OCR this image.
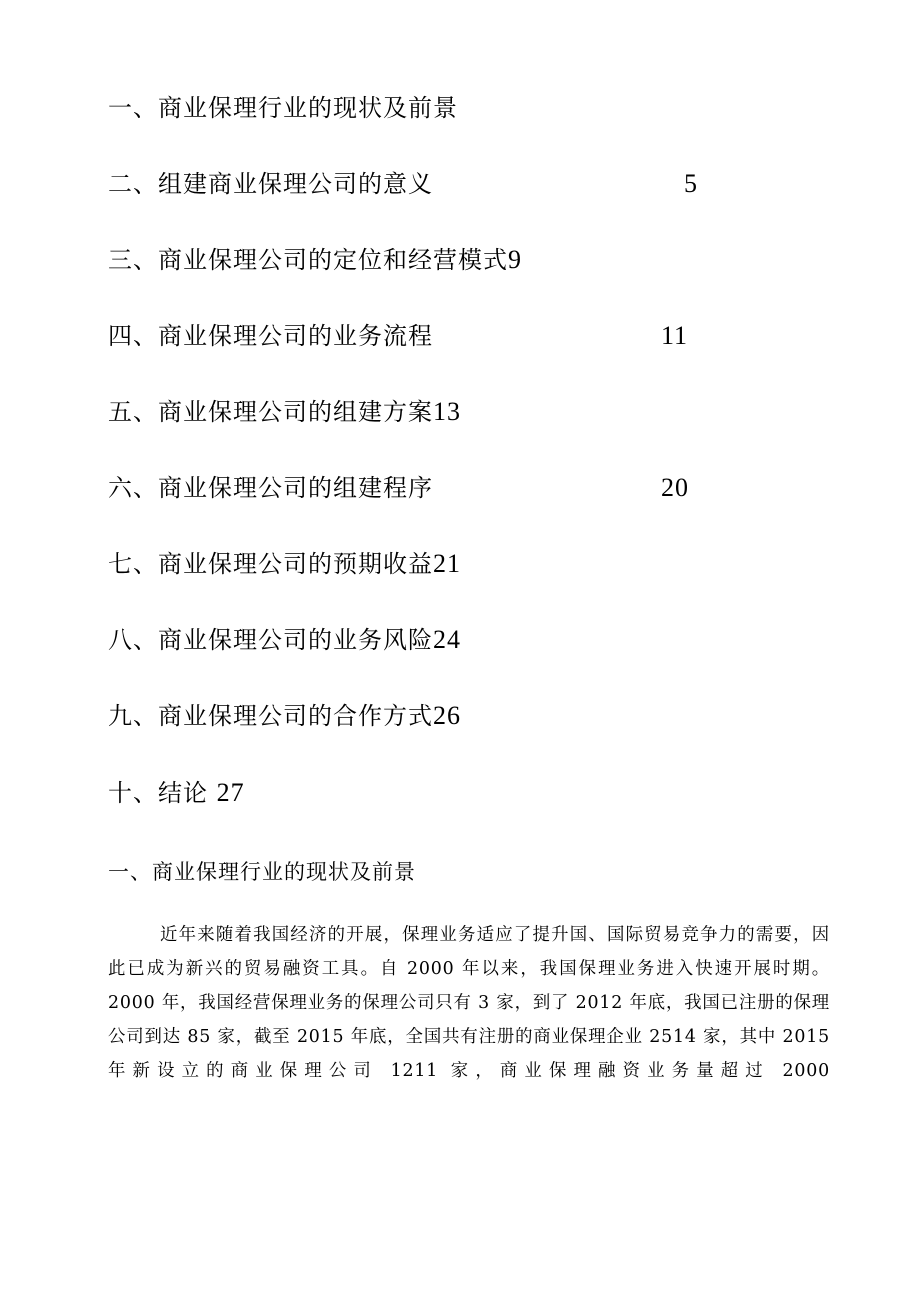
一、商业保理行业的现状及前景
二、组建商业保理公司的意义	5
三、商业保理公司的定位和经营模式9
四、商业保理公司的业务流程	11
五、商业保理公司的组建方案13
六、商业保理公司的组建程序	20
七、商业保理公司的预期收益21
八、商业保理公司的业务风险24
九、商业保理公司的合作方式26
十、结论 27
一、商业保理行业的现状及前景
近年来随着我国经济的开展，保理业务适应了提升国、国际贸易竞争力的需要，因此已成为新兴的贸易融资工具。自 2000 年以来，我国保理业务进入快速开展时期。2000 年，我国经营保理业务的保理公司只有 3 家，到了 2012 年底，我国已注册的保理公司到达 85 家，截至 2015 年底，全国共有注册的商业保理企业 2514 家，其中 2015 年新设立的商业保理公司 1211 家，商业保理融资业务量超过 2000
